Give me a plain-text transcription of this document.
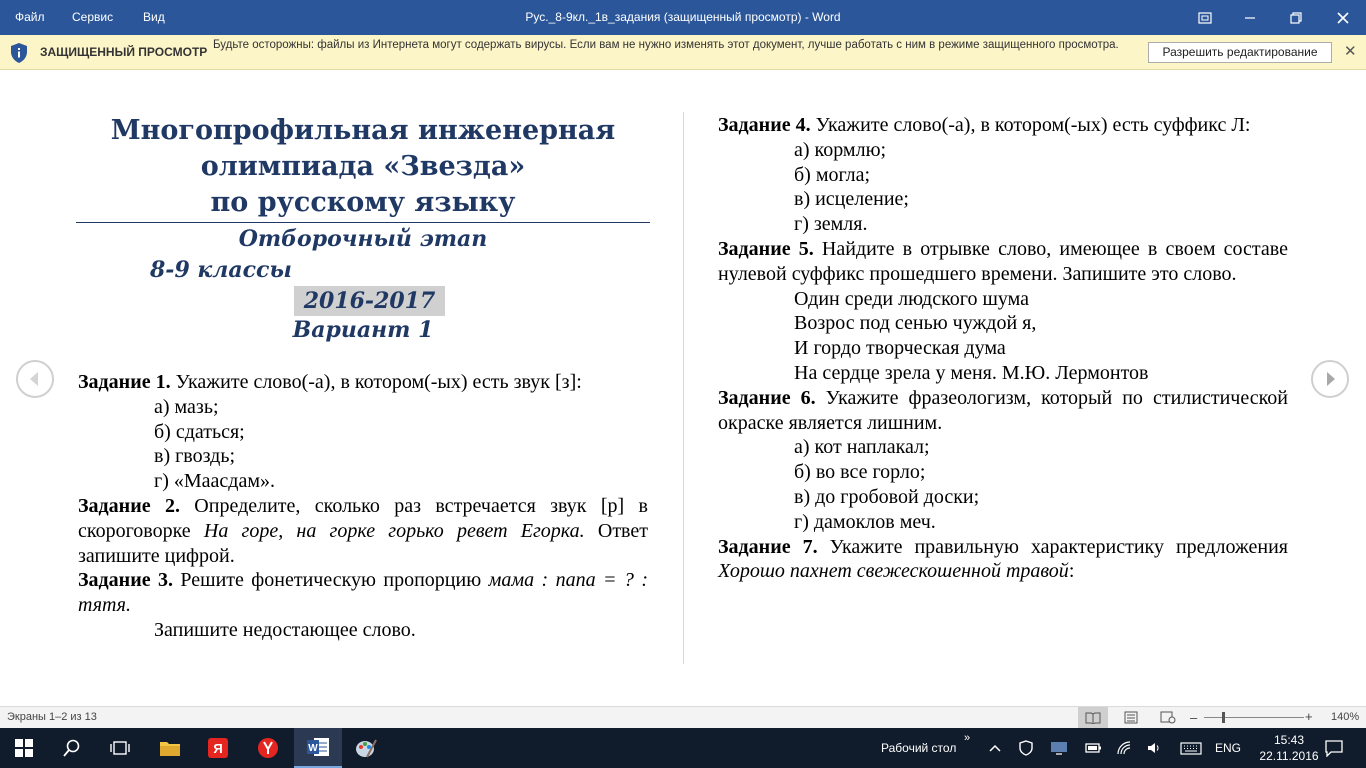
Файл Сервис Вид	Рус._8-9кл._1в_задания (защищенный просмотр) - Word
ЗАЩИЩЕННЫЙ ПРОСМОТР Будьте осторожны: файлы из Интернета могут содержать вирусы. Если вам не нужно изменять этот документ, лучше работать с ним в режиме защищенного просмотра.	Разрешить редактирование	✕
Многопрофильная инженерная
олимпиада «Звезда»
по русскому языку
Отборочный этап
8-9 классы
2016-2017
Вариант 1
Задание 1. Укажите слово(-а), в котором(-ых) есть звук [з]:
а) мазь;
б) сдаться;
в) гвоздь;
г) «Маасдам».
Задание 2. Определите, сколько раз встречается звук [р] в скороговорке На горе, на горке горько ревет Егорка. Ответ запишите цифрой.
Задание 3. Решите фонетическую пропорцию мама : папа = ? : тятя.
Запишите недостающее слово.
Задание 4. Укажите слово(-а), в котором(-ых) есть суффикс Л:
а) кормлю;
б) могла;
в) исцеление;
г) земля.
Задание 5. Найдите в отрывке слово, имеющее в своем составе нулевой суффикс прошедшего времени. Запишите это слово.
Один среди людского шума
Возрос под сенью чуждой я,
И гордо творческая дума
На сердце зрела у меня. М.Ю. Лермонтов
Задание 6. Укажите фразеологизм, который по стилистической окраске является лишним.
а) кот наплакал;
б) во все горло;
в) до гробовой доски;
г) дамоклов меч.
Задание 7. Укажите правильную характеристику предложения Хорошо пахнет свежескошенной травой:
Экраны 1–2 из 13	–	+ 140%
Я	W	Рабочий стол
»
ENG
15:43
22.11.2016
